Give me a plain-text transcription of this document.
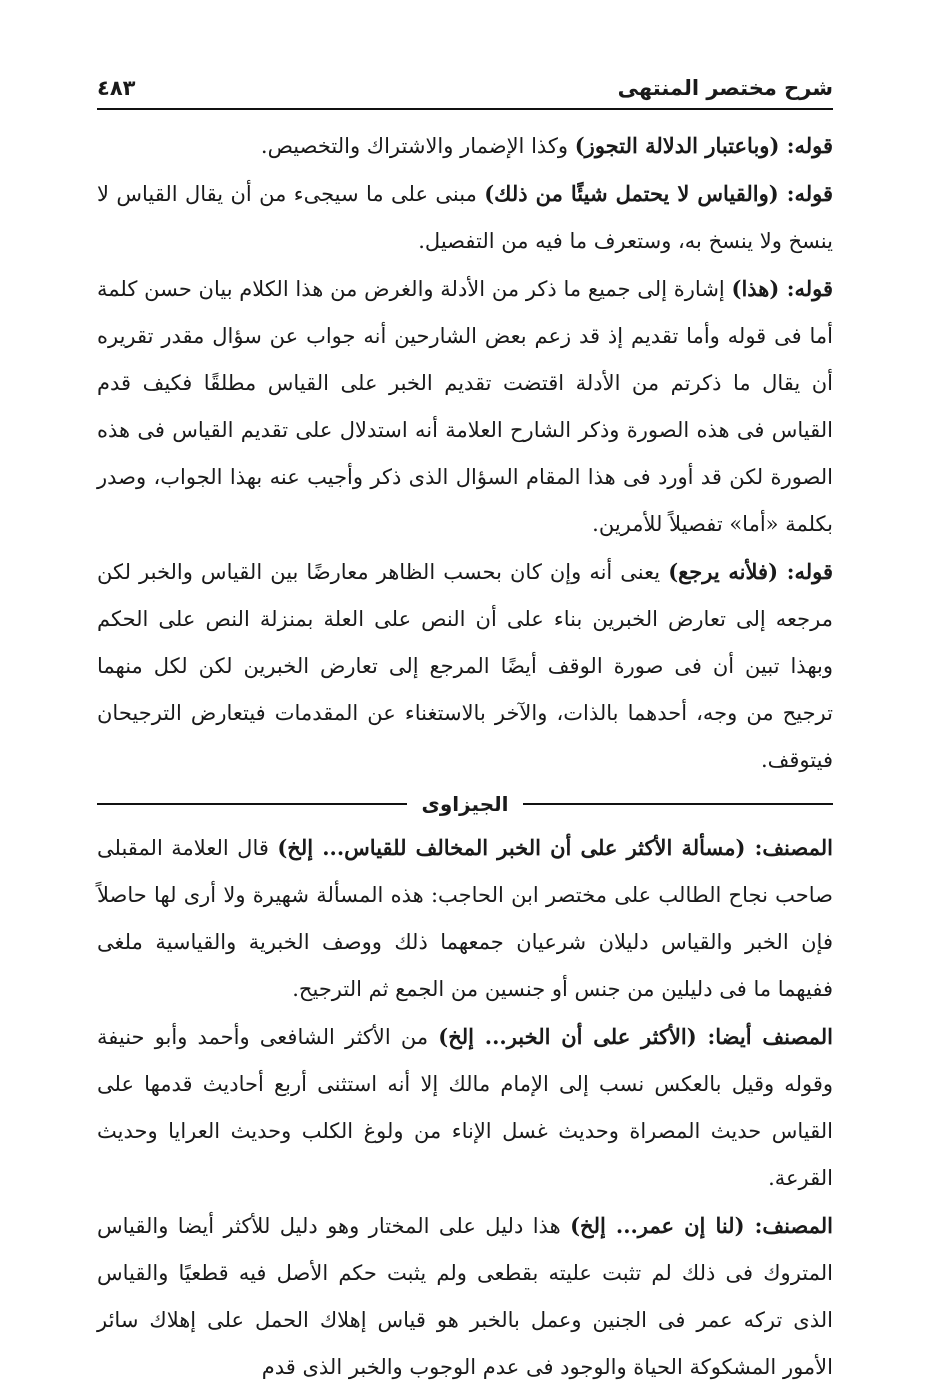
شرح مختصر المنتهى
٤٨٣

قوله: (وباعتبار الدلالة التجوز) وكذا الإضمار والاشتراك والتخصيص.

قوله: (والقياس لا يحتمل شيئًا من ذلك) مبنى على ما سيجىء من أن يقال القياس لا ينسخ ولا ينسخ به، وستعرف ما فيه من التفصيل.

قوله: (هذا) إشارة إلى جميع ما ذكر من الأدلة والغرض من هذا الكلام بيان حسن كلمة أما فى قوله وأما تقديم إذ قد زعم بعض الشارحين أنه جواب عن سؤال مقدر تقريره أن يقال ما ذكرتم من الأدلة اقتضت تقديم الخبر على القياس مطلقًا فكيف قدم القياس فى هذه الصورة وذكر الشارح العلامة أنه استدلال على تقديم القياس فى هذه الصورة لكن قد أورد فى هذا المقام السؤال الذى ذكر وأجيب عنه بهذا الجواب، وصدر بكلمة «أما» تفصيلاً للأمرين.

قوله: (فلأنه يرجع) يعنى أنه وإن كان بحسب الظاهر معارضًا بين القياس والخبر لكن مرجعه إلى تعارض الخبرين بناء على أن النص على العلة بمنزلة النص على الحكم وبهذا تبين أن فى صورة الوقف أيضًا المرجع إلى تعارض الخبرين لكن لكل منهما ترجيح من وجه، أحدهما بالذات، والآخر بالاستغناء عن المقدمات فيتعارض الترجيحان فيتوقف.

الجيزاوى

المصنف: (مسألة الأكثر على أن الخبر المخالف للقياس... إلخ) قال العلامة المقبلى صاحب نجاح الطالب على مختصر ابن الحاجب: هذه المسألة شهيرة ولا أرى لها حاصلاً فإن الخبر والقياس دليلان شرعيان جمعهما ذلك ووصف الخبرية والقياسية ملغى ففيهما ما فى دليلين من جنس أو جنسين من الجمع ثم الترجيح.

المصنف أيضا: (الأكثر على أن الخبر... إلخ) من الأكثر الشافعى وأحمد وأبو حنيفة وقوله وقيل بالعكس نسب إلى الإمام مالك إلا أنه استثنى أربع أحاديث قدمها على القياس حديث المصراة وحديث غسل الإناء من ولوغ الكلب وحديث العرايا وحديث القرعة.

المصنف: (لنا إن عمر... إلخ) هذا دليل على المختار وهو دليل للأكثر أيضا والقياس المتروك فى ذلك لم تثبت عليته بقطعى ولم يثبت حكم الأصل فيه قطعيًا والقياس الذى تركه عمر فى الجنين وعمل بالخبر هو قياس إهلاك الحمل على إهلاك سائر الأمور المشكوكة الحياة والوجود فى عدم الوجوب والخبر الذى قدم
